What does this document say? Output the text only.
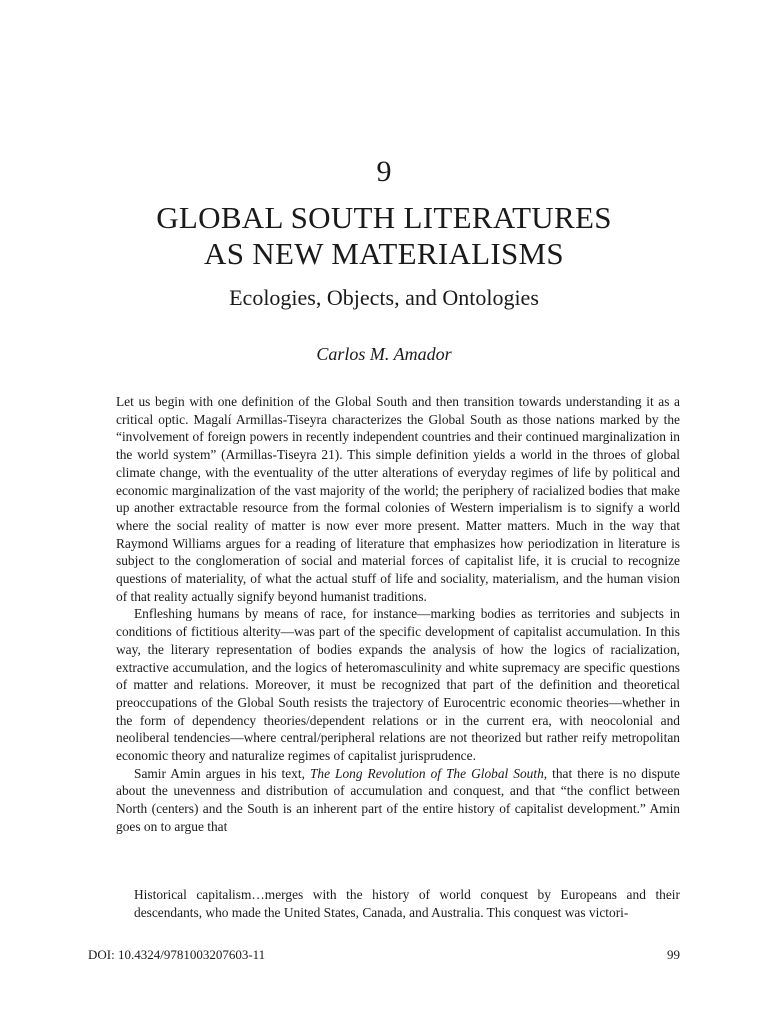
9
GLOBAL SOUTH LITERATURES
AS NEW MATERIALISMS
Ecologies, Objects, and Ontologies
Carlos M. Amador

Let us begin with one definition of the Global South and then transition towards understanding it as a critical optic. Magalí Armillas-Tiseyra characterizes the Global South as those nations marked by the “involvement of foreign powers in recently independent countries and their continued marginalization in the world system” (Armillas-Tiseyra 21). This simple definition yields a world in the throes of global climate change, with the eventuality of the utter alterations of everyday regimes of life by political and economic marginalization of the vast majority of the world; the periphery of racialized bodies that make up another extractable resource from the formal colonies of Western imperialism is to signify a world where the social reality of matter is now ever more present. Matter matters. Much in the way that Raymond Williams argues for a reading of literature that emphasizes how periodization in literature is subject to the conglomeration of social and material forces of capitalist life, it is crucial to recognize questions of materiality, of what the actual stuff of life and sociality, materialism, and the human vision of that reality actually signify beyond humanist traditions.

Enfleshing humans by means of race, for instance—marking bodies as territories and subjects in conditions of fictitious alterity—was part of the specific development of capitalist accumulation. In this way, the literary representation of bodies expands the analysis of how the logics of racialization, extractive accumulation, and the logics of heteromasculinity and white supremacy are specific questions of matter and relations. Moreover, it must be recognized that part of the definition and theoretical preoccupations of the Global South resists the trajectory of Eurocentric economic theories—whether in the form of dependency theories/dependent relations or in the current era, with neocolonial and neoliberal tendencies—where central/peripheral relations are not theorized but rather reify metropolitan economic theory and naturalize regimes of capitalist jurisprudence.

Samir Amin argues in his text, The Long Revolution of The Global South, that there is no dispute about the unevenness and distribution of accumulation and conquest, and that “the conflict between North (centers) and the South is an inherent part of the entire history of capitalist development.” Amin goes on to argue that

Historical capitalism…merges with the history of world conquest by Europeans and their descendants, who made the United States, Canada, and Australia. This conquest was victori-
DOI: 10.4324/9781003207603-11	99
